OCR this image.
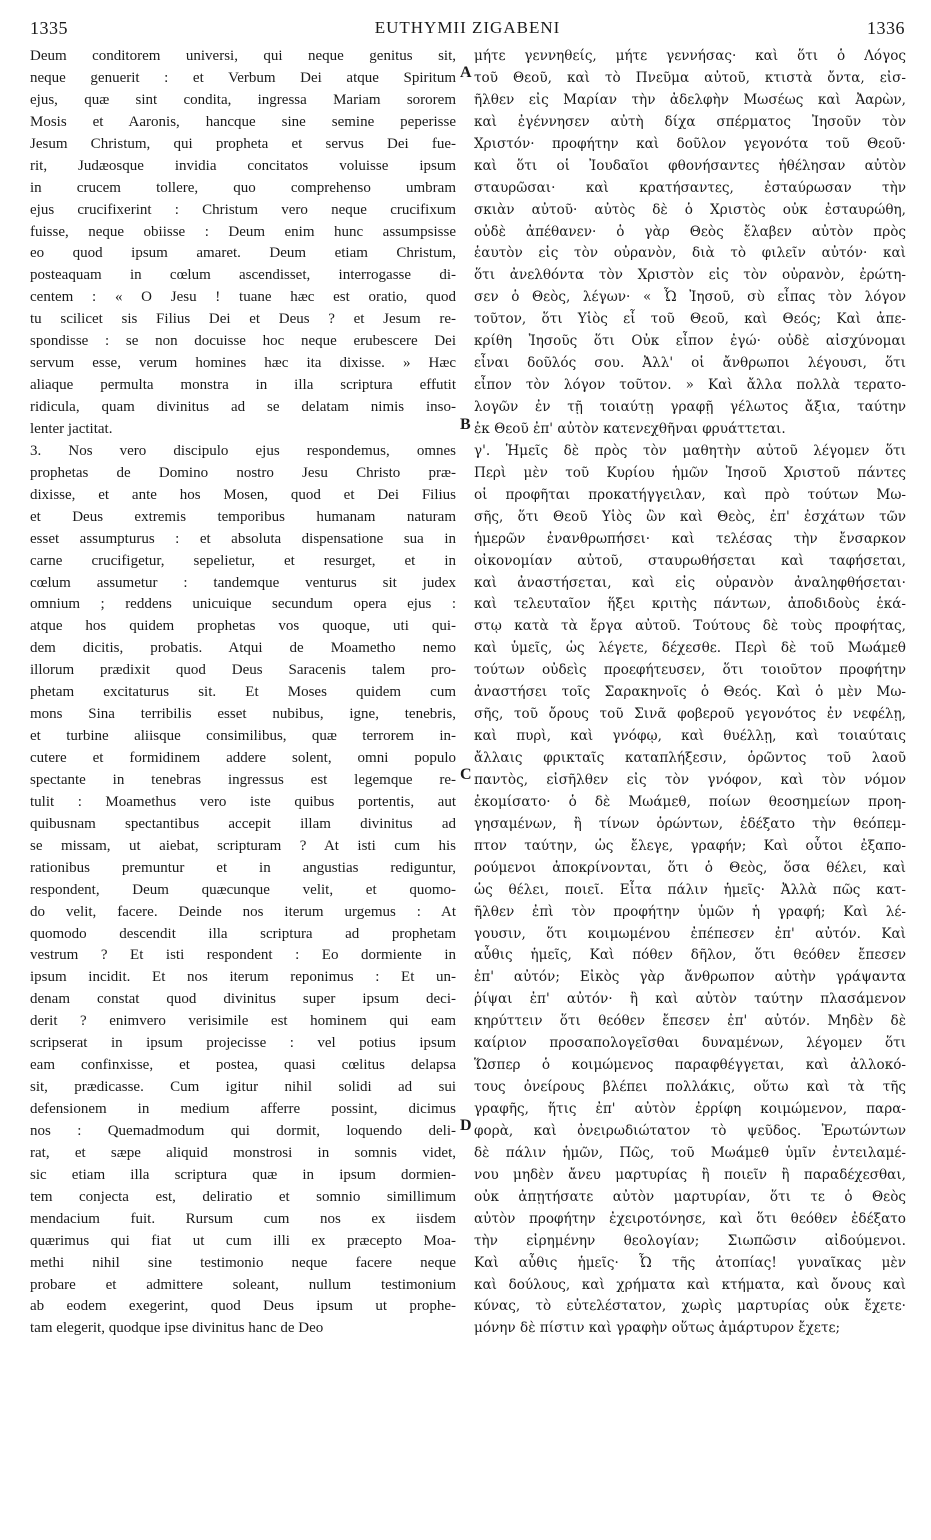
1335	EUTHYMII ZIGABENI	1336
Deum conditorem universi, qui neque genitus sit,
neque genuerit : et Verbum Dei atque Spiritum
ejus, quæ sint condita, ingressa Mariam sororem
Mosis et Aaronis, hancque sine semine peperisse
Jesum Christum, qui propheta et servus Dei fue-
rit, Judæosque invidia concitatos voluisse ipsum
in crucem tollere, quo comprehenso umbram
ejus crucifixerint : Christum vero neque crucifixum
fuisse, neque obiisse : Deum enim hunc assumpsisse
eo quod ipsum amaret. Deum etiam Christum,
posteaquam in cœlum ascendisset, interrogasse di-
centem : « O Jesu ! tuane hæc est oratio, quod
tu scilicet sis Filius Dei et Deus ? et Jesum re-
spondisse : se non docuisse hoc neque erubescere Dei
servum esse, verum homines hæc ita dixisse. » Hæc
aliaque permulta monstra in illa scriptura effutit
ridicula, quam divinitus ad se delatam nimis inso-
lenter jactitat.
3. Nos vero discipulo ejus respondemus, omnes
prophetas de Domino nostro Jesu Christo præ-
dixisse, et ante hos Mosen, quod et Dei Filius
et Deus extremis temporibus humanam naturam
esset assumpturus : et absoluta dispensatione sua in
carne crucifigetur, sepelietur, et resurget, et in
cœlum assumetur : tandemque venturus sit judex
omnium ; reddens unicuique secundum opera ejus :
atque hos quidem prophetas vos quoque, uti qui-
dem dicitis, probatis. Atqui de Moametho nemo
illorum prædixit quod Deus Saracenis talem pro-
phetam excitaturus sit. Et Moses quidem cum
mons Sina terribilis esset nubibus, igne, tenebris,
et turbine aliisque consimilibus, quæ terrorem in-
cutere et formidinem addere solent, omni populo
spectante in tenebras ingressus est legemque re-
tulit : Moamethus vero iste quibus portentis, aut
quibusnam spectantibus accepit illam divinitus ad
se missam, ut aiebat, scripturam ? At isti cum his
rationibus premuntur et in angustias rediguntur,
respondent, Deum quæcunque velit, et quomo-
do velit, facere. Deinde nos iterum urgemus : At
quomodo descendit illa scriptura ad prophetam
vestrum ? Et isti respondent : Eo dormiente in
ipsum incidit. Et nos iterum reponimus : Et un-
denam constat quod divinitus super ipsum deci-
derit ? enimvero verisimile est hominem qui eam
scripserat in ipsum projecisse : vel potius ipsum
eam confinxisse, et postea, quasi cœlitus delapsa
sit, prædicasse. Cum igitur nihil solidi ad sui
defensionem in medium afferre possint, dicimus
nos : Quemadmodum qui dormit, loquendo deli-
rat, et sæpe aliquid monstrosi in somnis videt,
sic etiam illa scriptura quæ in ipsum dormien-
tem conjecta est, deliratio et somnio simillimum
mendacium fuit. Rursum cum nos ex iisdem
quærimus qui fiat ut cum illi ex præcepto Moa-
methi nihil sine testimonio neque facere neque
probare et admittere soleant, nullum testimonium
ab eodem exegerint, quod Deus ipsum ut prophe-
tam elegerit, quodque ipse divinitus hanc de Deo
μήτε γεννηθείς, μήτε γεννήσας· καὶ ὅτι ὁ Λόγος
τοῦ Θεοῦ, καὶ τὸ Πνεῦμα αὐτοῦ, κτιστὰ ὄντα, εἰσ-
ῆλθεν εἰς Μαρίαν τὴν ἀδελφὴν Μωσέως καὶ Ἀαρὼν,
καὶ ἐγέννησεν αὐτὴ δίχα σπέρματος Ἰησοῦν τὸν
Χριστόν· προφήτην καὶ δοῦλον γεγονότα τοῦ Θεοῦ·
καὶ ὅτι οἱ Ἰουδαῖοι φθονήσαντες ἠθέλησαν αὐτὸν
σταυρῶσαι· καὶ κρατήσαντες, ἐσταύρωσαν τὴν
σκιὰν αὐτοῦ· αὐτὸς δὲ ὁ Χριστὸς οὐκ ἐσταυρώθη,
οὐδὲ ἀπέθανεν· ὁ γὰρ Θεὸς ἔλαβεν αὐτὸν πρὸς
ἑαυτὸν εἰς τὸν οὐρανὸν, διὰ τὸ φιλεῖν αὐτόν· καὶ
ὅτι ἀνελθόντα τὸν Χριστὸν εἰς τὸν οὐρανὸν, ἐρώτη-
σεν ὁ Θεὸς, λέγων· « Ὦ Ἰησοῦ, σὺ εἶπας τὸν λόγον
τοῦτον, ὅτι Υἱὸς εἶ τοῦ Θεοῦ, καὶ Θεός; Καὶ ἀπε-
κρίθη Ἰησοῦς ὅτι Οὐκ εἶπον ἐγώ· οὐδὲ αἰσχύνομαι
εἶναι δοῦλός σου. Ἀλλ' οἱ ἄνθρωποι λέγουσι, ὅτι
εἶπον τὸν λόγον τοῦτον. » Καὶ ἄλλα πολλὰ τερατο-
λογῶν ἐν τῇ τοιαύτῃ γραφῇ γέλωτος ἄξια, ταύτην
ἐκ Θεοῦ ἐπ' αὐτὸν κατενεχθῆναι φρυάττεται.
γ'. Ἡμεῖς δὲ πρὸς τὸν μαθητὴν αὐτοῦ λέγομεν ὅτι
Περὶ μὲν τοῦ Κυρίου ἡμῶν Ἰησοῦ Χριστοῦ πάντες
οἱ προφῆται προκατήγγειλαν, καὶ πρὸ τούτων Μω-
σῆς, ὅτι Θεοῦ Υἱὸς ὢν καὶ Θεὸς, ἐπ' ἐσχάτων τῶν
ἡμερῶν ἐνανθρωπήσει· καὶ τελέσας τὴν ἔνσαρκον
οἰκονομίαν αὐτοῦ, σταυρωθήσεται καὶ ταφήσεται,
καὶ ἀναστήσεται, καὶ εἰς οὐρανὸν ἀναληφθήσεται·
καὶ τελευταῖον ἥξει κριτὴς πάντων, ἀποδιδοὺς ἑκά-
στῳ κατὰ τὰ ἔργα αὐτοῦ. Τούτους δὲ τοὺς προφήτας,
καὶ ὑμεῖς, ὡς λέγετε, δέχεσθε. Περὶ δὲ τοῦ Μωάμεθ
τούτων οὐδεὶς προεφήτευσεν, ὅτι τοιοῦτον προφήτην
ἀναστήσει τοῖς Σαρακηνοῖς ὁ Θεός. Καὶ ὁ μὲν Μω-
σῆς, τοῦ ὄρους τοῦ Σινᾶ φοβεροῦ γεγονότος ἐν νεφέλῃ,
καὶ πυρὶ, καὶ γνόφῳ, καὶ θυέλλῃ, καὶ τοιαύταις
ἄλλαις φρικταῖς καταπλήξεσιν, ὁρῶντος τοῦ λαοῦ
παντὸς, εἰσῆλθεν εἰς τὸν γνόφον, καὶ τὸν νόμον
ἐκομίσατο· ὁ δὲ Μωάμεθ, ποίων θεοσημείων προη-
γησαμένων, ἢ τίνων ὁρώντων, ἐδέξατο τὴν θεόπεμ-
πτον ταύτην, ὡς ἔλεγε, γραφήν; Καὶ οὗτοι ἐξαπο-
ρούμενοι ἀποκρίνονται, ὅτι ὁ Θεὸς, ὅσα θέλει, καὶ
ὡς θέλει, ποιεῖ. Εἶτα πάλιν ἡμεῖς· Ἀλλὰ πῶς κατ-
ῆλθεν ἐπὶ τὸν προφήτην ὑμῶν ἡ γραφή; Καὶ λέ-
γουσιν, ὅτι κοιμωμένου ἐπέπεσεν ἐπ' αὐτόν. Καὶ
αὖθις ἡμεῖς, Καὶ πόθεν δῆλον, ὅτι θεόθεν ἔπεσεν
ἐπ' αὐτόν; Εἰκὸς γὰρ ἄνθρωπον αὐτὴν γράψαντα
ῥίψαι ἐπ' αὐτόν· ἢ καὶ αὐτὸν ταύτην πλασάμενον
κηρύττειν ὅτι θεόθεν ἔπεσεν ἐπ' αὐτόν. Μηδὲν δὲ
καίριον προσαπολογεῖσθαι δυναμένων, λέγομεν ὅτι
Ὥσπερ ὁ κοιμώμενος παραφθέγγεται, καὶ ἀλλοκό-
τους ὀνείρους βλέπει πολλάκις, οὕτω καὶ τὰ τῆς
γραφῆς, ἥτις ἐπ' αὐτὸν ἐρρίφη κοιμώμενον, παρα-
φορὰ, καὶ ὀνειρωδιώτατον τὸ ψεῦδος. Ἐρωτώντων
δὲ πάλιν ἡμῶν, Πῶς, τοῦ Μωάμεθ ὑμῖν ἐντειλαμέ-
νου μηδὲν ἄνευ μαρτυρίας ἢ ποιεῖν ἢ παραδέχεσθαι,
οὐκ ἀπῃτήσατε αὐτὸν μαρτυρίαν, ὅτι τε ὁ Θεὸς
αὐτὸν προφήτην ἐχειροτόνησε, καὶ ὅτι θεόθεν ἐδέξατο
τὴν εἰρημένην θεολογίαν; Σιωπῶσιν αἰδούμενοι.
Καὶ αὖθις ἡμεῖς· Ὦ τῆς ἀτοπίας! γυναῖκας μὲν
καὶ δούλους, καὶ χρήματα καὶ κτήματα, καὶ ὄνους καὶ
κύνας, τὸ εὐτελέστατον, χωρὶς μαρτυρίας οὐκ ἔχετε·
μόνην δὲ πίστιν καὶ γραφὴν οὕτως ἀμάρτυρον ἔχετε;
A
B
C
D
